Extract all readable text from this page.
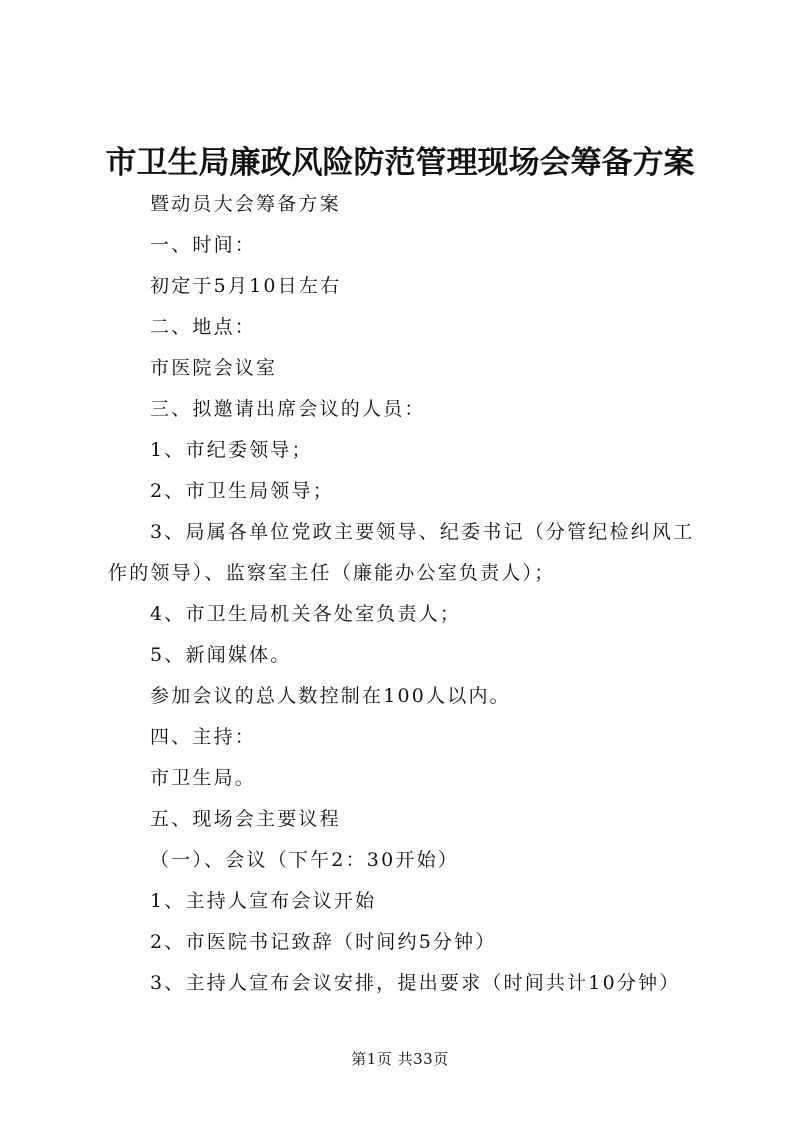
市卫生局廉政风险防范管理现场会筹备方案

暨动员大会筹备方案

一、时间：

初定于5月10日左右

二、地点：

市医院会议室

三、拟邀请出席会议的人员：

1、市纪委领导；

2、市卫生局领导；

3、局属各单位党政主要领导、纪委书记（分管纪检纠风工作的领导）、监察室主任（廉能办公室负责人）；

4、市卫生局机关各处室负责人；

5、新闻媒体。

参加会议的总人数控制在100人以内。

四、主持：

市卫生局。

五、现场会主要议程

（一）、会议（下午2：30开始）

1、主持人宣布会议开始

2、市医院书记致辞（时间约5分钟）

3、主持人宣布会议安排，提出要求（时间共计10分钟）

第1页 共33页
